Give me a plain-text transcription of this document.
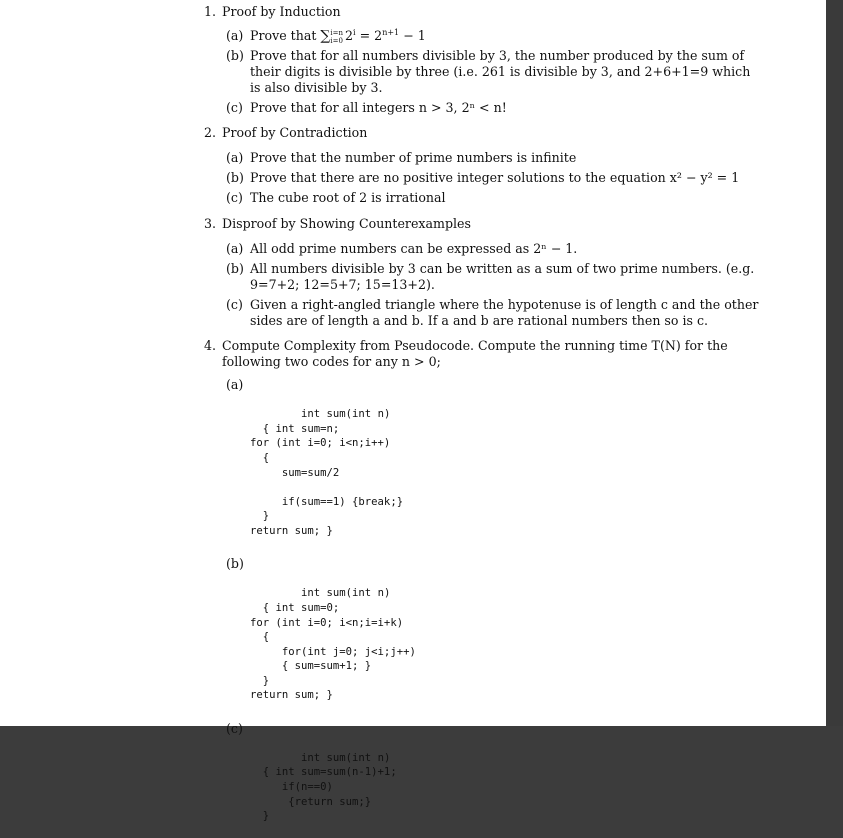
1. Proof by Induction
(a) Prove that ∑i=n
i=0 $2^i = 2^{n+1} - 1$
(b) Prove that for all numbers divisible by 3, the number produced by the sum of their digits is divisible by three (i.e. 261 is divisible by 3, and 2+6+1=9 which is also divisible by 3.
(c) Prove that for all integers n > 3, 2ⁿ < n!
2. Proof by Contradiction
(a) Prove that the number of prime numbers is infinite
(b) Prove that there are no positive integer solutions to the equation x² − y² = 1
(c) The cube root of 2 is irrational
3. Disproof by Showing Counterexamples
(a) All odd prime numbers can be expressed as 2ⁿ − 1.
(b) All numbers divisible by 3 can be written as a sum of two prime numbers. (e.g. 9=7+2; 12=5+7; 15=13+2).
(c) Given a right-angled triangle where the hypotenuse is of length c and the other sides are of length a and b. If a and b are rational numbers then so is c.
4. Compute Complexity from Pseudocode. Compute the running time T(N) for the following two codes for any n > 0;

(a)

int sum(int n)
{ int sum=n;
for (int i=0; i<n;i++)
{
sum=sum/2

if(sum==1) {break;}
}
return sum; }

(b)

int sum(int n)
{ int sum=0;
for (int i=0; i<n;i=i+k)
{
for(int j=0; j<i;j++)
{ sum=sum+1; }
}
return sum; }

(c)

int sum(int n)
{ int sum=sum(n-1)+1;
if(n==0)
{return sum;}
}
